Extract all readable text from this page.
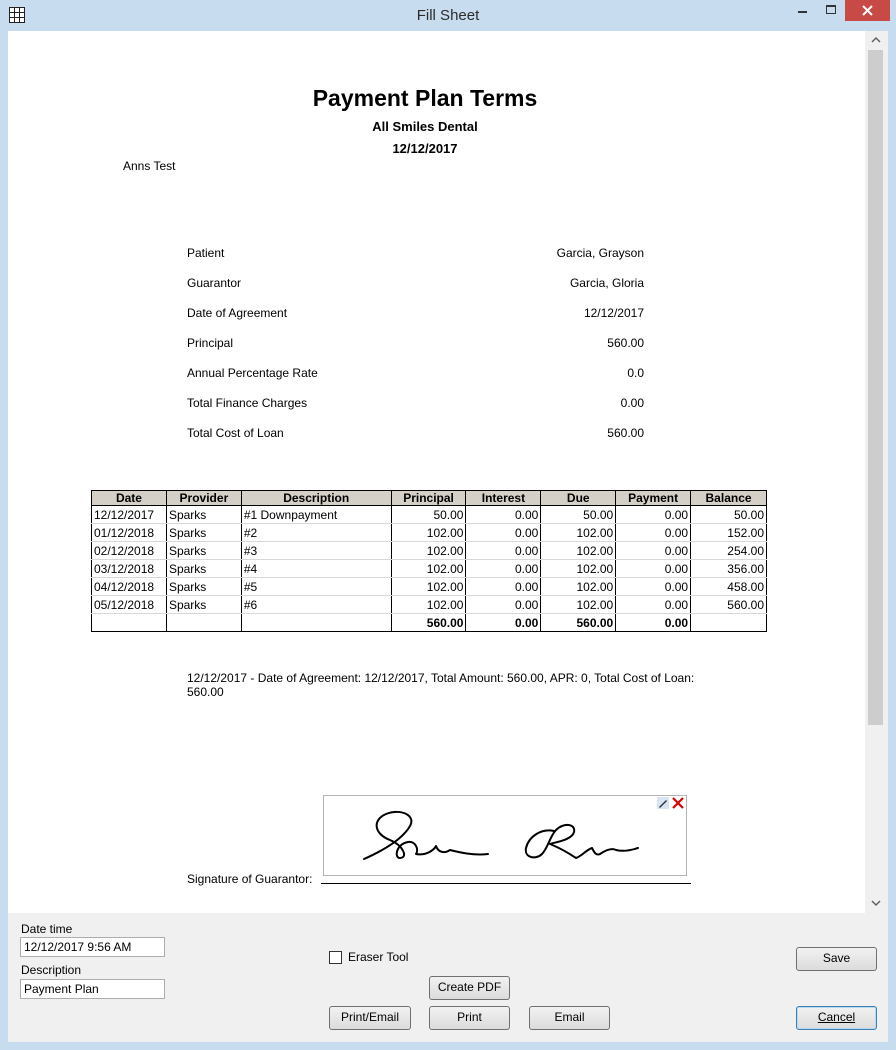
Fill Sheet
Payment Plan Terms
All Smiles Dental
12/12/2017
Anns Test
Patient	Garcia, Grayson
Guarantor	Garcia, Gloria
Date of Agreement	12/12/2017
Principal	560.00
Annual Percentage Rate	0.0
Total Finance Charges	0.00
Total Cost of Loan	560.00
Date	Provider	Description	Principal	Interest	Due	Payment	Balance
12/12/2017	Sparks	#1 Downpayment	50.00	0.00	50.00	0.00	50.00
01/12/2018	Sparks	#2	102.00	0.00	102.00	0.00	152.00
02/12/2018	Sparks	#3	102.00	0.00	102.00	0.00	254.00
03/12/2018	Sparks	#4	102.00	0.00	102.00	0.00	356.00
04/12/2018	Sparks	#5	102.00	0.00	102.00	0.00	458.00
05/12/2018	Sparks	#6	102.00	0.00	102.00	0.00	560.00
			560.00	0.00	560.00	0.00	
12/12/2017 - Date of Agreement: 12/12/2017, Total Amount: 560.00, APR: 0, Total Cost of Loan: 560.00

Signature of Guarantor:
Date time
12/12/2017 9:56 AM
Description
Payment Plan
Eraser Tool
Create PDF
Print/Email	Print	Email
Save
Cancel
